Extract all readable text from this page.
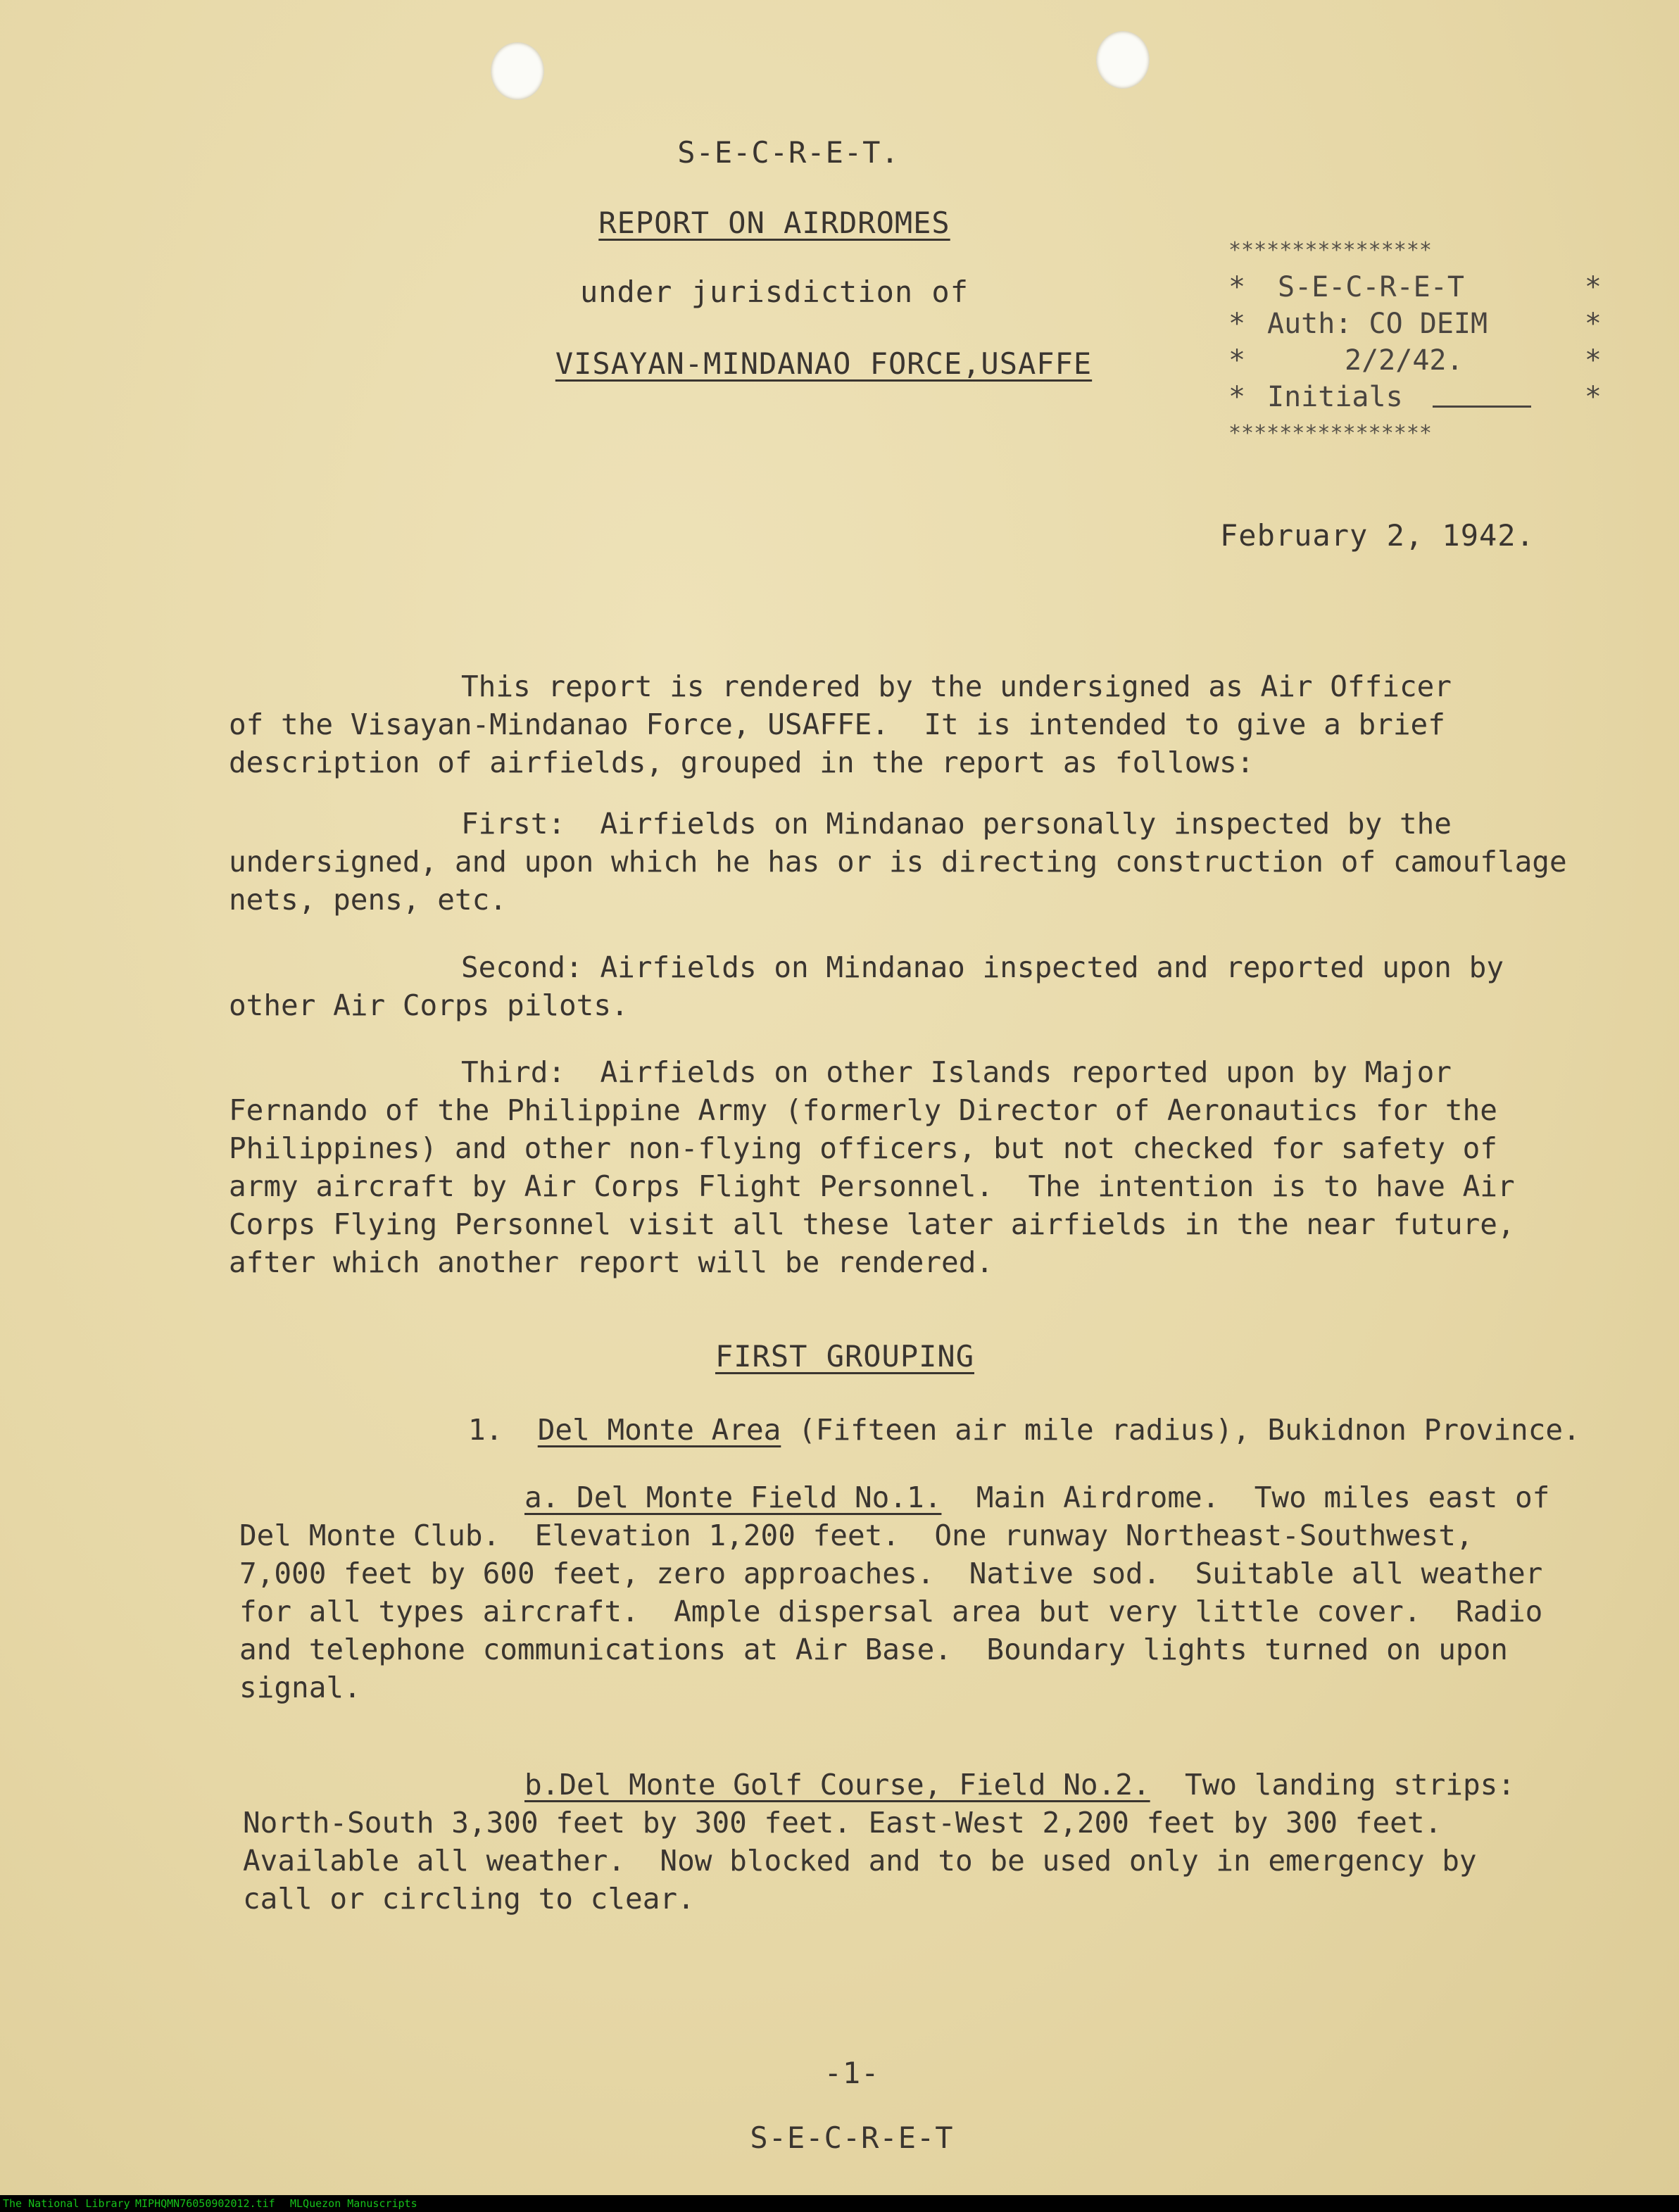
S-E-C-R-E-T.
REPORT ON AIRDROMES
under jurisdiction of
VISAYAN-MINDANAO FORCE,USAFFE
****************
* S-E-C-R-E-T	*
* Auth: CO DEIM	*
*	2/2/42.	*
* Initials	*
****************
February 2, 1942.
This report is rendered by the undersigned as Air Officer
of the Visayan-Mindanao Force, USAFFE.  It is intended to give a brief
description of airfields, grouped in the report as follows:
First:  Airfields on Mindanao personally inspected by the
undersigned, and upon which he has or is directing construction of camouflage
nets, pens, etc.
Second: Airfields on Mindanao inspected and reported upon by
other Air Corps pilots.
Third:  Airfields on other Islands reported upon by Major
Fernando of the Philippine Army (formerly Director of Aeronautics for the
Philippines) and other non-flying officers, but not checked for safety of
army aircraft by Air Corps Flight Personnel.  The intention is to have Air
Corps Flying Personnel visit all these later airfields in the near future,
after which another report will be rendered.
FIRST GROUPING
1. Del Monte Area (Fifteen air mile radius), Bukidnon Province.
a. Del Monte Field No.1.  Main Airdrome.  Two miles east of
Del Monte Club.  Elevation 1,200 feet.  One runway Northeast-Southwest,
7,000 feet by 600 feet, zero approaches.  Native sod.  Suitable all weather
for all types aircraft.  Ample dispersal area but very little cover.  Radio
and telephone communications at Air Base.  Boundary lights turned on upon
signal.
b.Del Monte Golf Course, Field No.2.  Two landing strips:
North-South 3,300 feet by 300 feet. East-West 2,200 feet by 300 feet.
Available all weather.  Now blocked and to be used only in emergency by
call or circling to clear.
-1-
S-E-C-R-E-T
The National Library MIPHQMN76050902012.tif MLQuezon Manuscripts
